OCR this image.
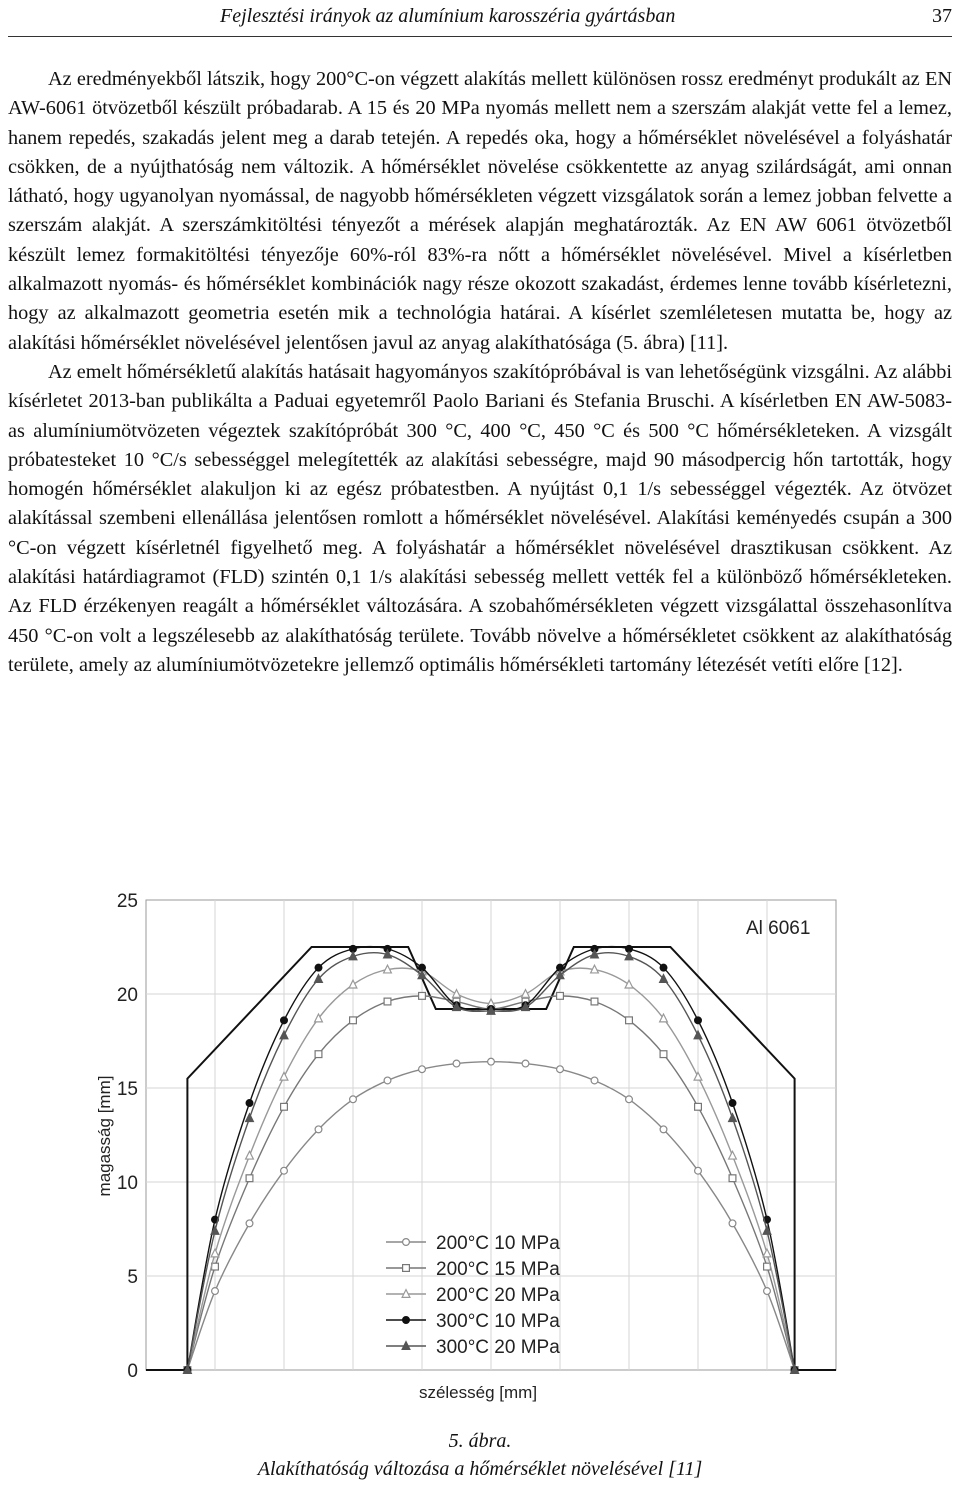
Fejlesztési irányok az alumínium karosszéria gyártásban	37

Az eredményekből látszik, hogy 200°C-on végzett alakítás mellett különösen rossz eredményt produkált az EN AW-6061 ötvözetből készült próbadarab. A 15 és 20 MPa nyomás mellett nem a szerszám alakját vette fel a lemez, hanem repedés, szakadás jelent meg a darab tetején. A repedés oka, hogy a hőmérséklet növelésével a folyáshatár csökken, de a nyújthatóság nem változik. A hőmérséklet növelése csökkentette az anyag szilárdságát, ami onnan látható, hogy ugyanolyan nyomással, de nagyobb hőmérsékleten végzett vizsgálatok során a lemez jobban felvette a szerszám alakját. A szerszámkitöltési tényezőt a mérések alapján meghatározták. Az EN AW 6061 ötvözetből készült lemez formakitöltési tényezője 60%-ról 83%-ra nőtt a hőmérséklet növelésével. Mivel a kísérletben alkalmazott nyomás- és hőmérséklet kombinációk nagy része okozott szakadást, érdemes lenne tovább kísérletezni, hogy az alkalmazott geometria esetén mik a technológia határai. A kísérlet szemléletesen mutatta be, hogy az alakítási hőmérséklet növelésével jelentősen javul az anyag alakíthatósága (5. ábra) [11].

Az emelt hőmérsékletű alakítás hatásait hagyományos szakítópróbával is van lehetőségünk vizsgálni. Az alábbi kísérletet 2013-ban publikálta a Paduai egyetemről Paolo Bariani és Stefania Bruschi. A kísérletben EN AW-5083-as alumíniumötvözeten végeztek szakítópróbát 300 °C, 400 °C, 450 °C és 500 °C hőmérsékleteken. A vizsgált próbatesteket 10 °C/s sebességgel melegítették az alakítási sebességre, majd 90 másodpercig hőn tartották, hogy homogén hőmérséklet alakuljon ki az egész próbatestben. A nyújtást 0,1 1/s sebességgel végezték. Az ötvözet alakítással szembeni ellenállása jelentősen romlott a hőmérséklet növelésével. Alakítási keményedés csupán a 300 °C-on végzett kísérletnél figyelhető meg. A folyáshatár a hőmérséklet növelésével drasztikusan csökkent. Az alakítási határdiagramot (FLD) szintén 0,1 1/s alakítási sebesség mellett vették fel a különböző hőmérsékleteken. Az FLD érzékenyen reagált a hőmérséklet változására. A szobahőmérsékleten végzett vizsgálattal összehasonlítva 450 °C-on volt a legszélesebb az alakíthatóság területe. Tovább növelve a hőmérsékletet csökkent az alakíthatóság területe, amely az alumíniumötvözetekre jellemző optimális hőmérsékleti tartomány létezését vetíti előre [12].

0
5
10
15
20
25
Al 6061
magasság [mm]
szélesség [mm]
200°C 10 MPa
200°C 15 MPa
200°C 20 MPa
300°C 10 MPa
300°C 20 MPa
5. ábra.
Alakíthatóság változása a hőmérséklet növelésével [11]
